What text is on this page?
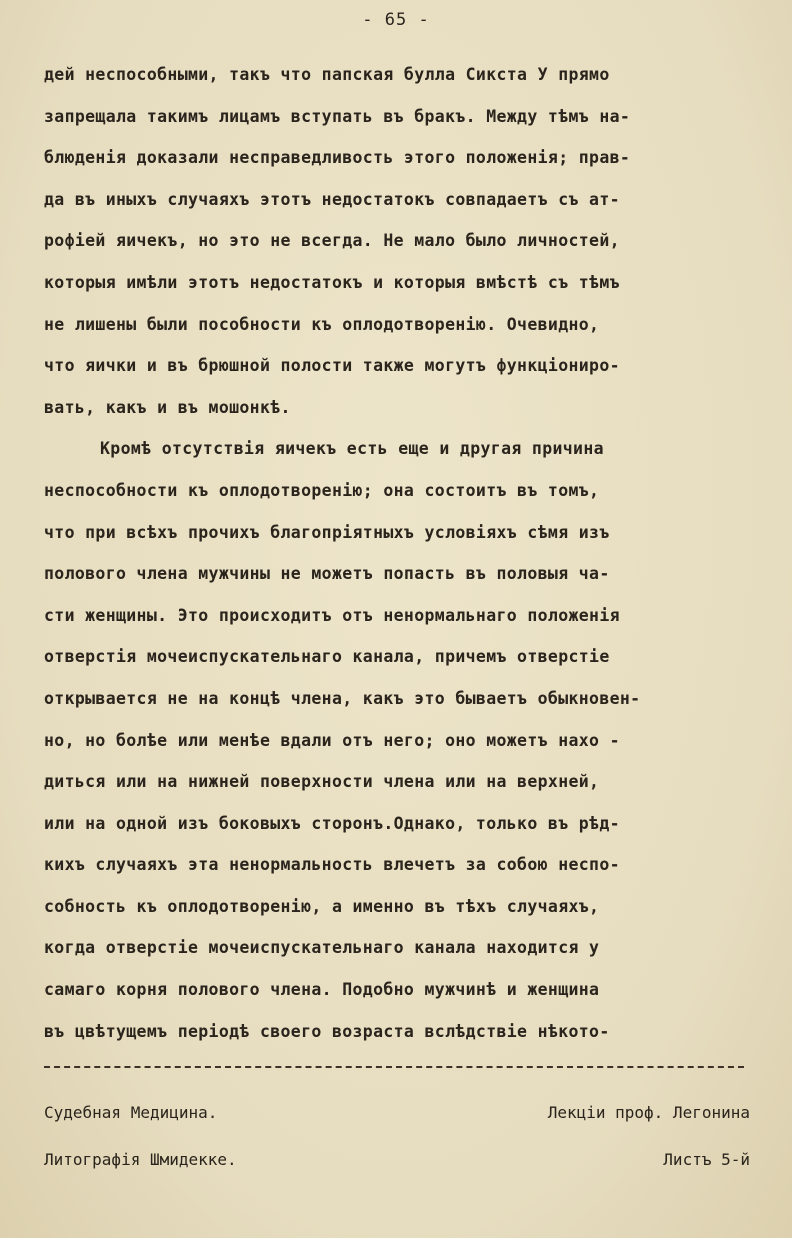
- 65 -
дей неспособными, такъ что папская булла Сикста У прямо
запрещала такимъ лицамъ вступать въ бракъ. Между тѣмъ на-
блюденія доказали несправедливость этого положенія; прав-
да въ иныхъ случаяхъ этотъ недостатокъ совпадаетъ съ ат-
рофіей яичекъ, но это не всегда. Не мало было личностей,
которыя имѣли этотъ недостатокъ и которыя вмѣстѣ съ тѣмъ
не лишены были пособности къ оплодотворенію. Очевидно,
что яички и въ брюшной полости также могутъ функціониро-
вать, какъ и въ мошонкѣ.
Кромѣ отсутствія яичекъ есть еще и другая причина
неспособности къ оплодотворенію; она состоитъ въ томъ,
что при всѣхъ прочихъ благопріятныхъ условіяхъ сѣмя изъ
полового члена мужчины не можетъ попасть въ половыя ча-
сти женщины. Это происходитъ отъ ненормальнаго положенія
отверстія мочеиспускательнаго канала, причемъ отверстіе
открывается не на концѣ члена, какъ это бываетъ обыкновен-
но, но болѣе или менѣе вдали отъ него; оно можетъ нахо -
диться или на нижней поверхности члена или на верхней,
или на одной изъ боковыхъ сторонъ.Однако, только въ рѣд-
кихъ случаяхъ эта ненормальность влечетъ за собою неспо-
собность къ оплодотворенію, а именно въ тѣхъ случаяхъ,
когда отверстіе мочеиспускательнаго канала находится у
самаго корня полового члена. Подобно мужчинѣ и женщина
въ цвѣтущемъ періодѣ своего возраста вслѣдствіе нѣкото-
Судебная Медицина.	Лекціи проф. Легонина
Литографія Шмидекке.	Листъ 5-й
